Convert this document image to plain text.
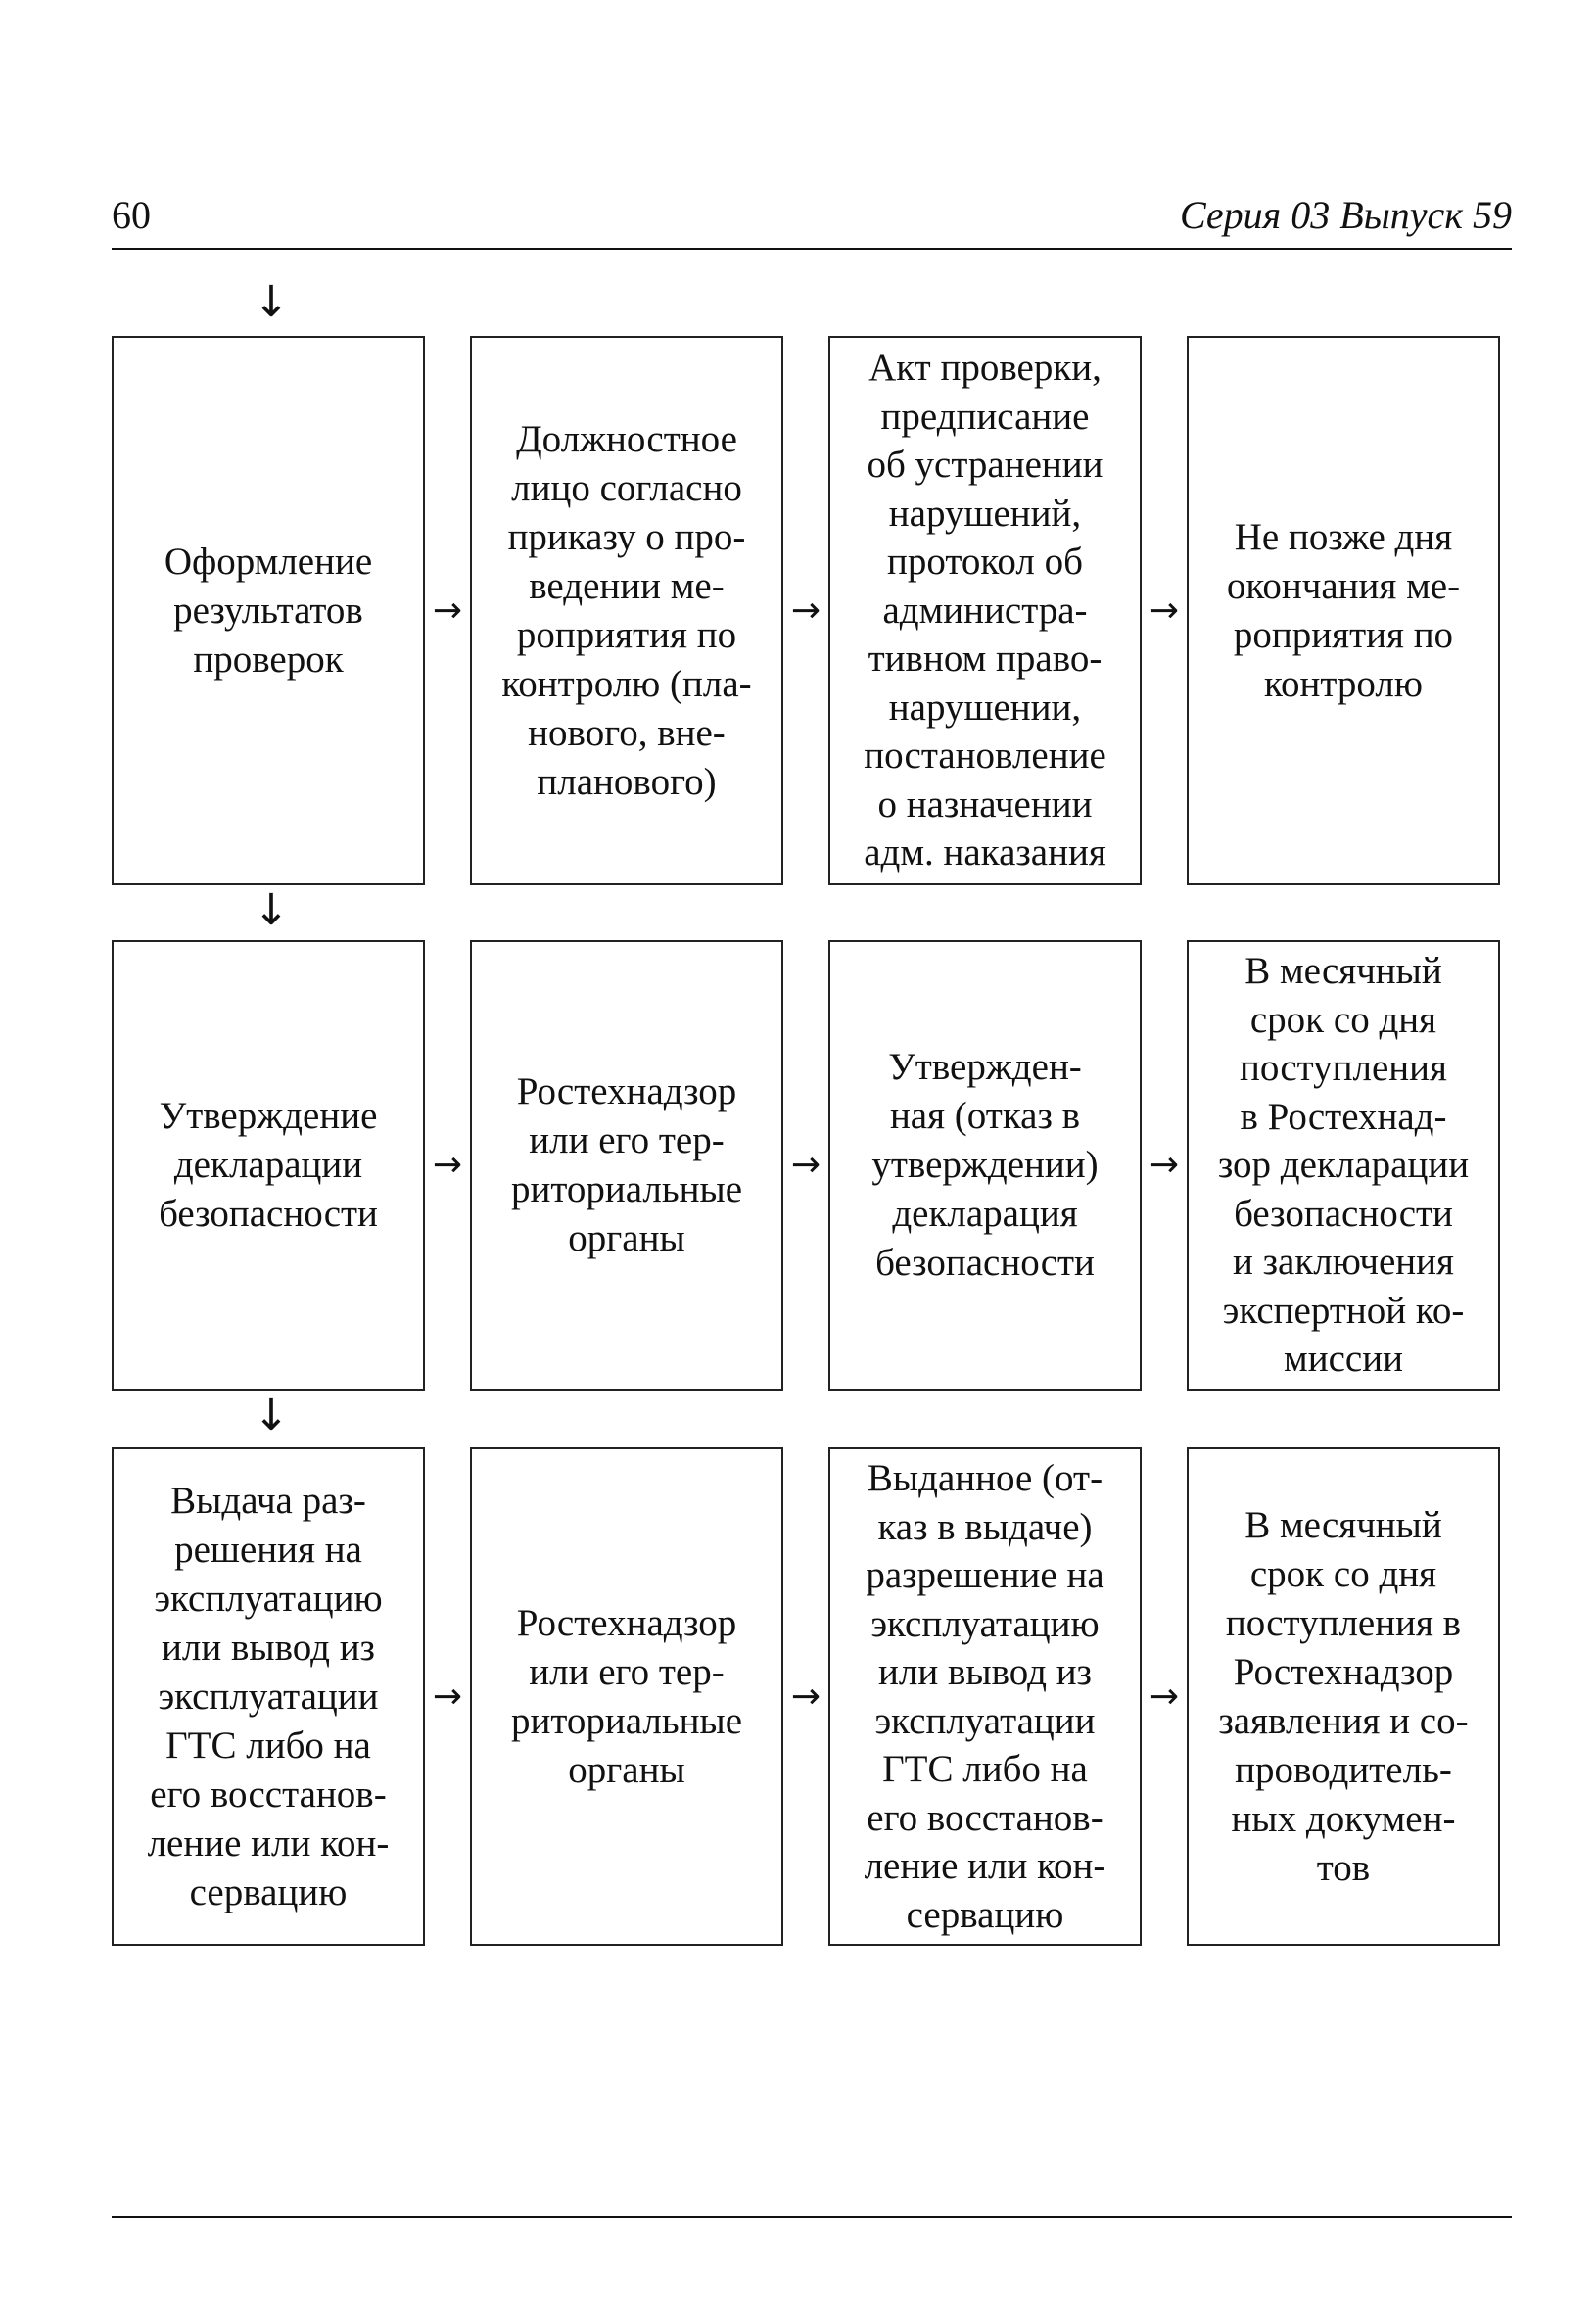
60	Серия 03 Выпуск 59
↓
Оформление
результатов
проверок
→
Должностное
лицо согласно
приказу о про-
ведении ме-
роприятия по
контролю (пла-
нового, вне-
планового)
→
Акт проверки,
предписание
об устранении
нарушений,
протокол об
администра-
тивном право-
нарушении,
постановление
о назначении
адм. наказания
→
Не позже дня
окончания ме-
роприятия по
контролю
↓
Утверждение
декларации
безопасности
→
Ростехнадзор
или его тер-
риториальные
органы
→
Утвержден-
ная (отказ в
утверждении)
декларация
безопасности
→
В месячный
срок со дня
поступления
в Ростехнад-
зор декларации
безопасности
и заключения
экспертной ко-
миссии
↓
Выдача раз-
решения на
эксплуатацию
или вывод из
эксплуатации
ГТС либо на
его восстанов-
ление или кон-
сервацию
→
Ростехнадзор
или его тер-
риториальные
органы
→
Выданное (от-
каз в выдаче)
разрешение на
эксплуатацию
или вывод из
эксплуатации
ГТС либо на
его восстанов-
ление или кон-
сервацию
→
В месячный
срок со дня
поступления в
Ростехнадзор
заявления и со-
проводитель-
ных докумен-
тов
